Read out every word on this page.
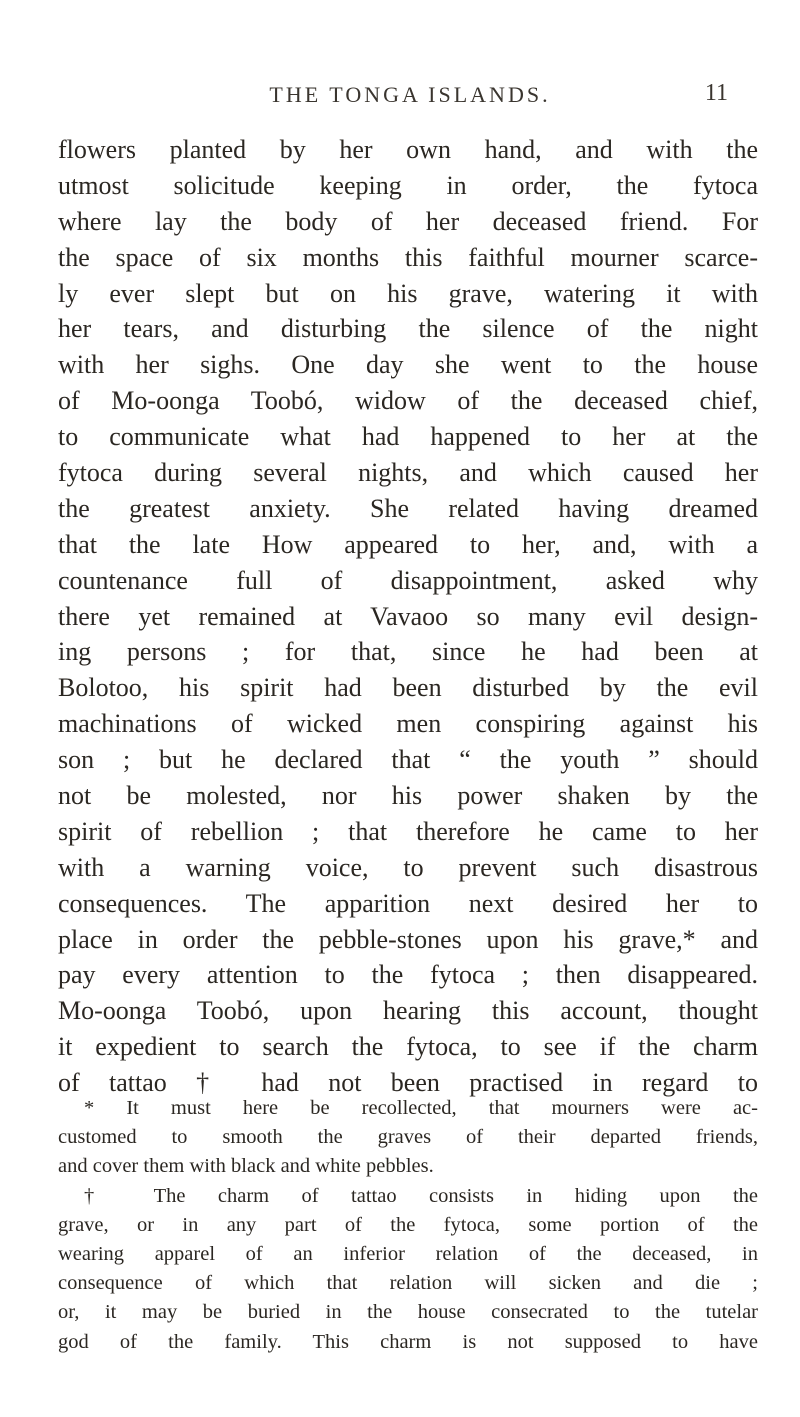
THE TONGA ISLANDS.	11
flowers planted by her own hand, and with the
utmost solicitude keeping in order, the fytoca
where lay the body of her deceased friend. For
the space of six months this faithful mourner scarce-
ly ever slept but on his grave, watering it with
her tears, and disturbing the silence of the night
with her sighs. One day she went to the house
of Mo-oonga Toobó, widow of the deceased chief,
to communicate what had happened to her at the
fytoca during several nights, and which caused her
the greatest anxiety. She related having dreamed
that the late How appeared to her, and, with a
countenance full of disappointment, asked why
there yet remained at Vavaoo so many evil design-
ing persons ; for that, since he had been at
Bolotoo, his spirit had been disturbed by the evil
machinations of wicked men conspiring against his
son ; but he declared that “ the youth ” should
not be molested, nor his power shaken by the
spirit of rebellion ; that therefore he came to her
with a warning voice, to prevent such disastrous
consequences. The apparition next desired her to
place in order the pebble-stones upon his grave,* and
pay every attention to the fytoca ; then disappeared.
Mo-oonga Toobó, upon hearing this account, thought
it expedient to search the fytoca, to see if the charm
of tattao † had not been practised in regard to
* It must here be recollected, that mourners were ac-
customed to smooth the graves of their departed friends,
and cover them with black and white pebbles.
† The charm of tattao consists in hiding upon the
grave, or in any part of the fytoca, some portion of the
wearing apparel of an inferior relation of the deceased, in
consequence of which that relation will sicken and die ;
or, it may be buried in the house consecrated to the tutelar
god of the family. This charm is not supposed to have
